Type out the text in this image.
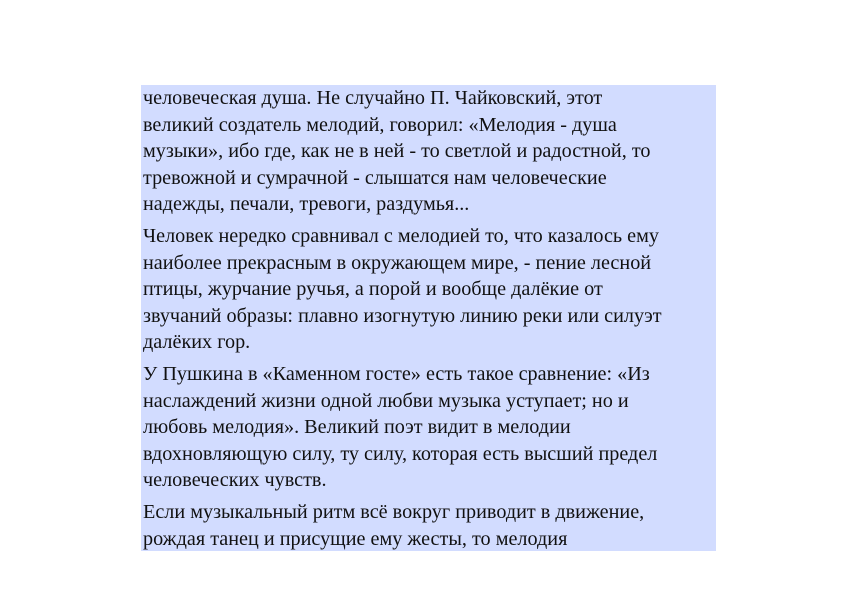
человеческая душа. Не случайно П. Чайковский, этот
великий создатель мелодий, говорил: «Мелодия - душа
музыки», ибо где, как не в ней - то светлой и радостной, то
тревожной и сумрачной - слышатся нам человеческие
надежды, печали, тревоги, раздумья...

Человек нередко сравнивал с мелодией то, что казалось ему
наиболее прекрасным в окружающем мире, - пение лесной
птицы, журчание ручья, а порой и вообще далёкие от
звучаний образы: плавно изогнутую линию реки или силуэт
далёких гор.

У Пушкина в «Каменном госте» есть такое сравнение: «Из
наслаждений жизни одной любви музыка уступает; но и
любовь мелодия». Великий поэт видит в мелодии
вдохновляющую силу, ту силу, которая есть высший предел
человеческих чувств.

Если музыкальный ритм всё вокруг приводит в движение,
рождая танец и присущие ему жесты, то мелодия
